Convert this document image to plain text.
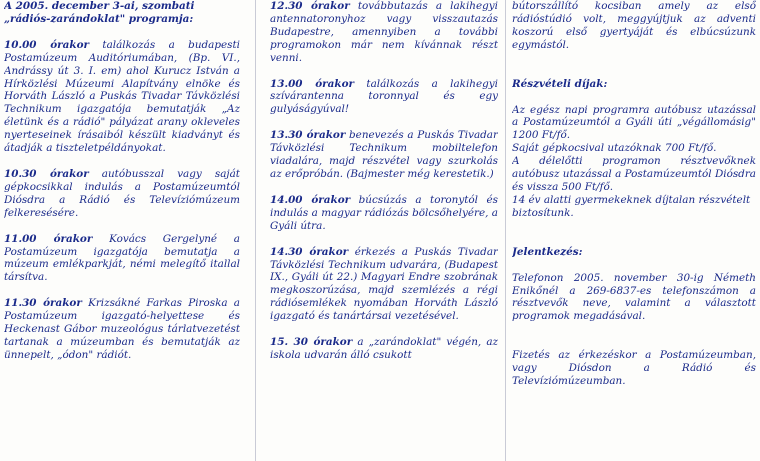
A 2005. december 3-ai, szombati

„rádiós-zarándoklat" programja:

10.00 órakor találkozás a budapesti Postamúzeum Auditóriumában, (Bp. VI., Andrássy út 3. I. em) ahol Kurucz István a Hírközlési Múzeumi Alapítvány elnöke és Horváth László a Puskás Tivadar Távközlési Technikum igazgatója bemutatják „Az életünk és a rádió" pályázat arany okleveles nyerteseinek írásaiból készült kiadványt és átadják a tiszteletpéldányokat.

10.30 órakor autóbusszal vagy saját gépkocsikkal indulás a Postamúzeumtól Diósdra a Rádió és Televíziómúzeum felkeresésére.

11.00 órakor Kovács Gergelyné a Postamúzeum igazgatója bemutatja a múzeum emlékparkját, némi melegítő itallal társítva.

11.30 órakor Krizsákné Farkas Piroska a Postamúzeum igazgató-helyettese és Heckenast Gábor muzeológus tárlatvezetést tartanak a múzeumban és bemutatják az ünnepelt, „ódon" rádiót.

12.30 órakor továbbutazás a lakihegyi antennatoronyhoz vagy visszautazás Budapestre, amennyiben a további programokon már nem kívánnak részt venni.

13.00 órakor találkozás a lakihegyi szívárantenna toronnyal és egy gulyáságyúval!

13.30 órakor benevezés a Puskás Tivadar Távközlési Technikum mobiltelefon viadalára, majd részvétel vagy szurkolás az erőpróbán. (Bajmester még kerestetik.)

14.00 órakor búcsúzás a toronytól és indulás a magyar rádiózás bölcsőhelyére, a Gyáli útra.

14.30 órakor érkezés a Puskás Tivadar Távközlési Technikum udvarára, (Budapest IX., Gyáli út 22.) Magyari Endre szobrának megkoszorúzása, majd szemlézés a régi rádiósemlékek nyomában Horváth László igazgató és tanártársai vezetésével.

15. 30 órakor a „zarándoklat" végén, az iskola udvarán álló csukott

bútorszállító kocsiban amely az első rádióstúdió volt, meggyújtjuk az adventi koszorú első gyertyáját és elbúcsúzunk egymástól.

Részvételi díjak:

Az egész napi programra autóbusz utazással a Postamúzeumtól a Gyáli úti „végállomásig" 1200 Ft/fő.

Saját gépkocsival utazóknak 700 Ft/fő.

A délelőtti programon résztvevőknek autóbusz utazással a Postamúzeumtól Diósdra és vissza 500 Ft/fő.

14 év alatti gyermekeknek díjtalan részvételt biztosítunk.

Jelentkezés:

Telefonon 2005. november 30-ig Németh Enikőnél a 269-6837-es telefonszámon a résztvevők neve, valamint a választott programok megadásával.

Fizetés az érkezéskor a Postamúzeumban, vagy Diósdon a Rádió és Televíziómúzeumban.
